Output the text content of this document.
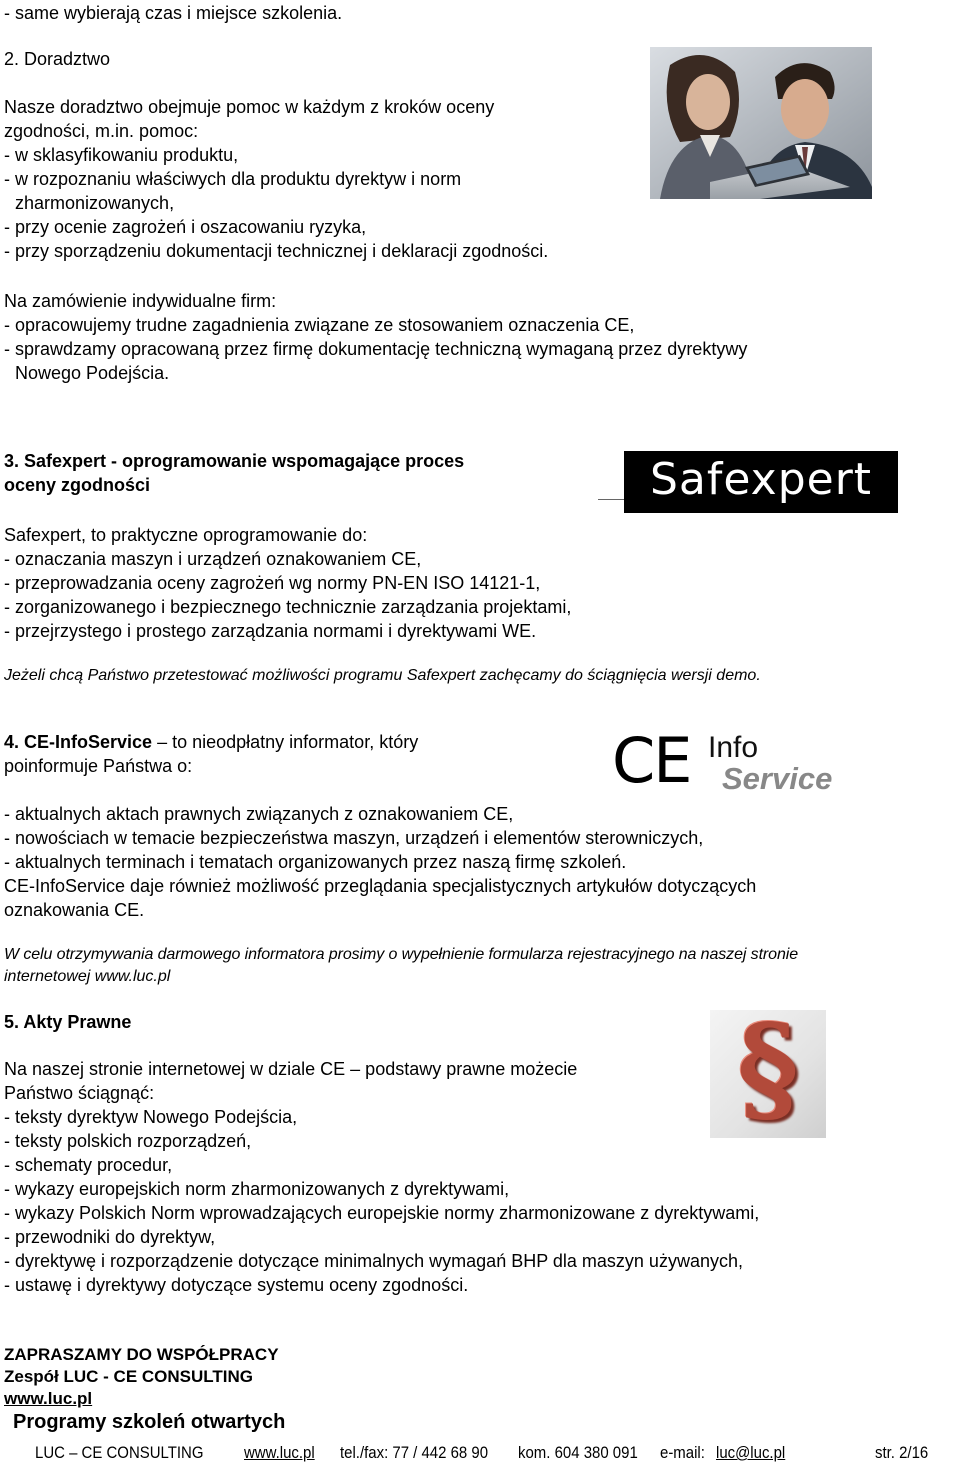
- same wybierają czas i miejsce szkolenia.
2. Doradztwo
Nasze doradztwo obejmuje pomoc w każdym z kroków oceny
zgodności, m.in. pomoc:
- w sklasyfikowaniu produktu,
- w rozpoznaniu właściwych dla produktu dyrektyw i norm
zharmonizowanych,
- przy ocenie zagrożeń i oszacowaniu ryzyka,
- przy sporządzeniu dokumentacji technicznej i deklaracji zgodności.
Na zamówienie indywidualne firm:
- opracowujemy trudne zagadnienia związane ze stosowaniem oznaczenia CE,
- sprawdzamy opracowaną przez firmę dokumentację techniczną wymaganą przez dyrektywy
Nowego Podejścia.
3. Safexpert - oprogramowanie wspomagające proces
oceny zgodności	Safexpert
Safexpert, to praktyczne oprogramowanie do:
- oznaczania maszyn i urządzeń oznakowaniem CE,
- przeprowadzania oceny zagrożeń wg normy PN-EN ISO 14121-1,
- zorganizowanego i bezpiecznego technicznie zarządzania projektami,
- przejrzystego i prostego zarządzania normami i dyrektywami WE.
Jeżeli chcą Państwo przetestować możliwości programu Safexpert zachęcamy do ściągnięcia wersji demo.
4. CE-InfoService – to nieodpłatny informator, który
poinformuje Państwa o:	CE Info
Service
- aktualnych aktach prawnych związanych z oznakowaniem CE,
- nowościach w temacie bezpieczeństwa maszyn, urządzeń i elementów sterowniczych,
- aktualnych terminach i tematach organizowanych przez naszą firmę szkoleń.
CE-InfoService daje również możliwość przeglądania specjalistycznych artykułów dotyczących
oznakowania CE.
W celu otrzymywania darmowego informatora prosimy o wypełnienie formularza rejestracyjnego na naszej stronie
internetowej www.luc.pl
5. Akty Prawne	§
Na naszej stronie internetowej w dziale CE – podstawy prawne możecie
Państwo ściągnąć:
- teksty dyrektyw Nowego Podejścia,
- teksty polskich rozporządzeń,
- schematy procedur,
- wykazy europejskich norm zharmonizowanych z dyrektywami,
- wykazy Polskich Norm wprowadzających europejskie normy zharmonizowane z dyrektywami,
- przewodniki do dyrektyw,
- dyrektywę i rozporządzenie dotyczące minimalnych wymagań BHP dla maszyn używanych,
- ustawę i dyrektywy dotyczące systemu oceny zgodności.
ZAPRASZAMY DO WSPÓŁPRACY
Zespół LUC - CE CONSULTING
www.luc.pl
Programy szkoleń otwartych
LUC – CE CONSULTING www.luc.pl tel./fax: 77 / 442 68 90 kom. 604 380 091 e-mail: luc@luc.pl	str. 2/16
